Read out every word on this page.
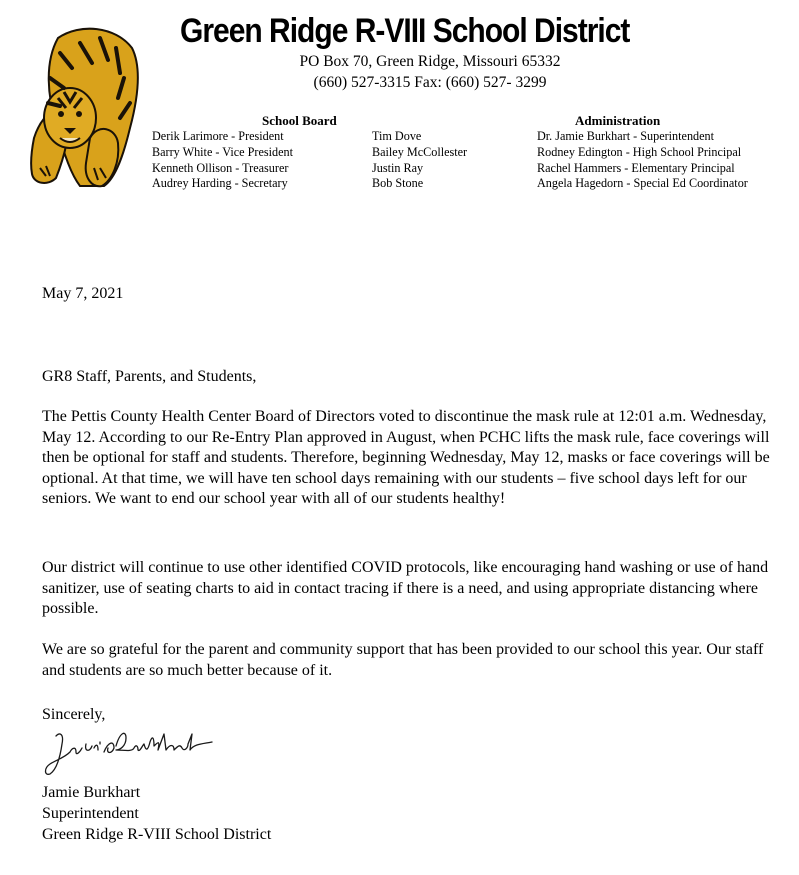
Green Ridge R-VIII School District
PO Box 70, Green Ridge, Missouri 65332
(660) 527-3315 Fax: (660) 527- 3299
School Board	Administration
Derik Larimore - President
Barry White - Vice President
Kenneth Ollison - Treasurer
Audrey Harding - Secretary
Tim Dove
Bailey McCollester
Justin Ray
Bob Stone
Dr. Jamie Burkhart - Superintendent
Rodney Edington - High School Principal
Rachel Hammers - Elementary Principal
Angela Hagedorn - Special Ed Coordinator
May 7, 2021
GR8 Staff, Parents, and Students,
The Pettis County Health Center Board of Directors voted to discontinue the mask rule at 12:01 a.m. Wednesday, May 12. According to our Re-Entry Plan approved in August, when PCHC lifts the mask rule, face coverings will then be optional for staff and students. Therefore, beginning Wednesday, May 12, masks or face coverings will be optional. At that time, we will have ten school days remaining with our students – five school days left for our seniors. We want to end our school year with all of our students healthy!
Our district will continue to use other identified COVID protocols, like encouraging hand washing or use of hand sanitizer, use of seating charts to aid in contact tracing if there is a need, and using appropriate distancing where possible.
We are so grateful for the parent and community support that has been provided to our school this year. Our staff and students are so much better because of it.
Sincerely,
Jamie Burkhart
Superintendent
Green Ridge R-VIII School District
